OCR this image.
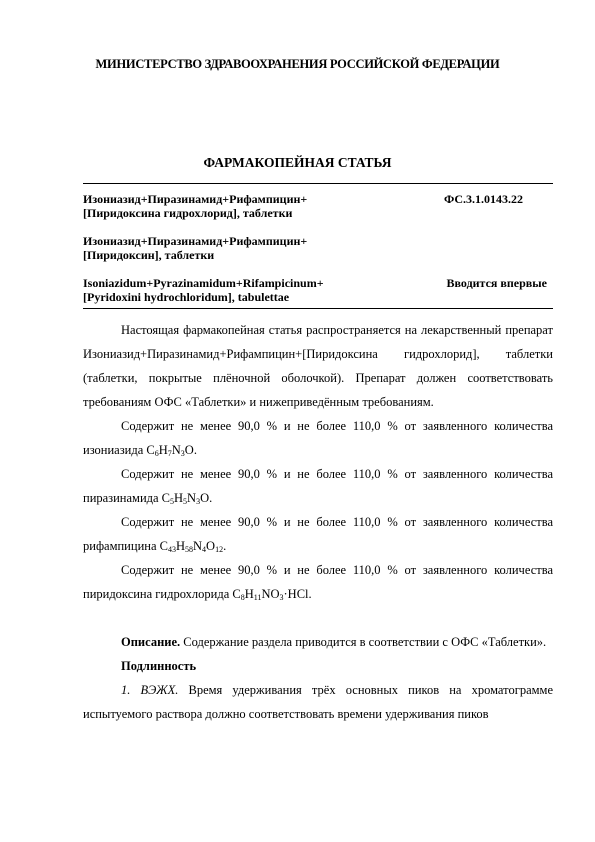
МИНИСТЕРСТВО ЗДРАВООХРАНЕНИЯ РОССИЙСКОЙ ФЕДЕРАЦИИ
ФАРМАКОПЕЙНАЯ СТАТЬЯ
Изониазид+Пиразинамид+Рифампицин+
[Пиридоксина гидрохлорид], таблетки
ФС.3.1.0143.22
Изониазид+Пиразинамид+Рифампицин+
[Пиридоксин], таблетки
Isoniazidum+Pyrazinamidum+Rifampicinum+
[Pyridoxini hydrochloridum], tabulettae
Вводится впервые

Настоящая фармакопейная статья распространяется на лекарственный препарат Изониазид+Пиразинамид+Рифампицин+[Пиридоксина гидрохлорид], таблетки (таблетки, покрытые плёночной оболочкой). Препарат должен соответствовать требованиям ОФС «Таблетки» и нижеприведённым требованиям.

Содержит не менее 90,0 % и не более 110,0 % от заявленного количества изониазида $C_6H_7N_3O$.

Содержит не менее 90,0 % и не более 110,0 % от заявленного количества пиразинамида $C_5H_5N_3O$.

Содержит не менее 90,0 % и не более 110,0 % от заявленного количества рифампицина $C_{43}H_{58}N_4O_{12}$.

Содержит не менее 90,0 % и не более 110,0 % от заявленного количества пиридоксина гидрохлорида $C_8H_{11}NO_3\cdot HCl$.

Описание. Содержание раздела приводится в соответствии с ОФС «Таблетки».

Подлинность

1. ВЭЖХ. Время удерживания трёх основных пиков на хроматограмме испытуемого раствора должно соответствовать времени удерживания пиков
